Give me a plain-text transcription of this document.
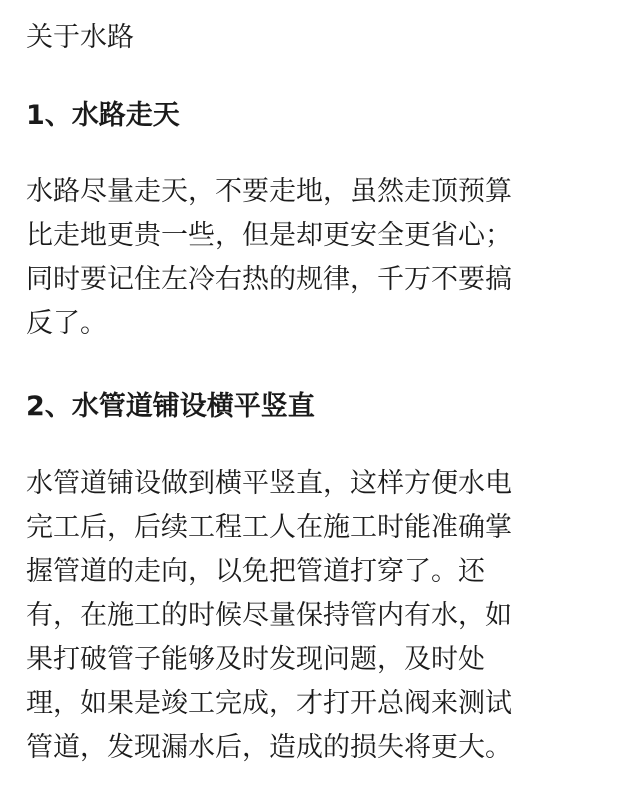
关于水路
1、水路走天
水路尽量走天，不要走地，虽然走顶预算
比走地更贵一些，但是却更安全更省心；
同时要记住左冷右热的规律，千万不要搞
反了。
2、水管道铺设横平竖直
水管道铺设做到横平竖直，这样方便水电
完工后，后续工程工人在施工时能准确掌
握管道的走向，以免把管道打穿了。还
有，在施工的时候尽量保持管内有水，如
果打破管子能够及时发现问题，及时处
理，如果是竣工完成，才打开总阀来测试
管道，发现漏水后，造成的损失将更大。
